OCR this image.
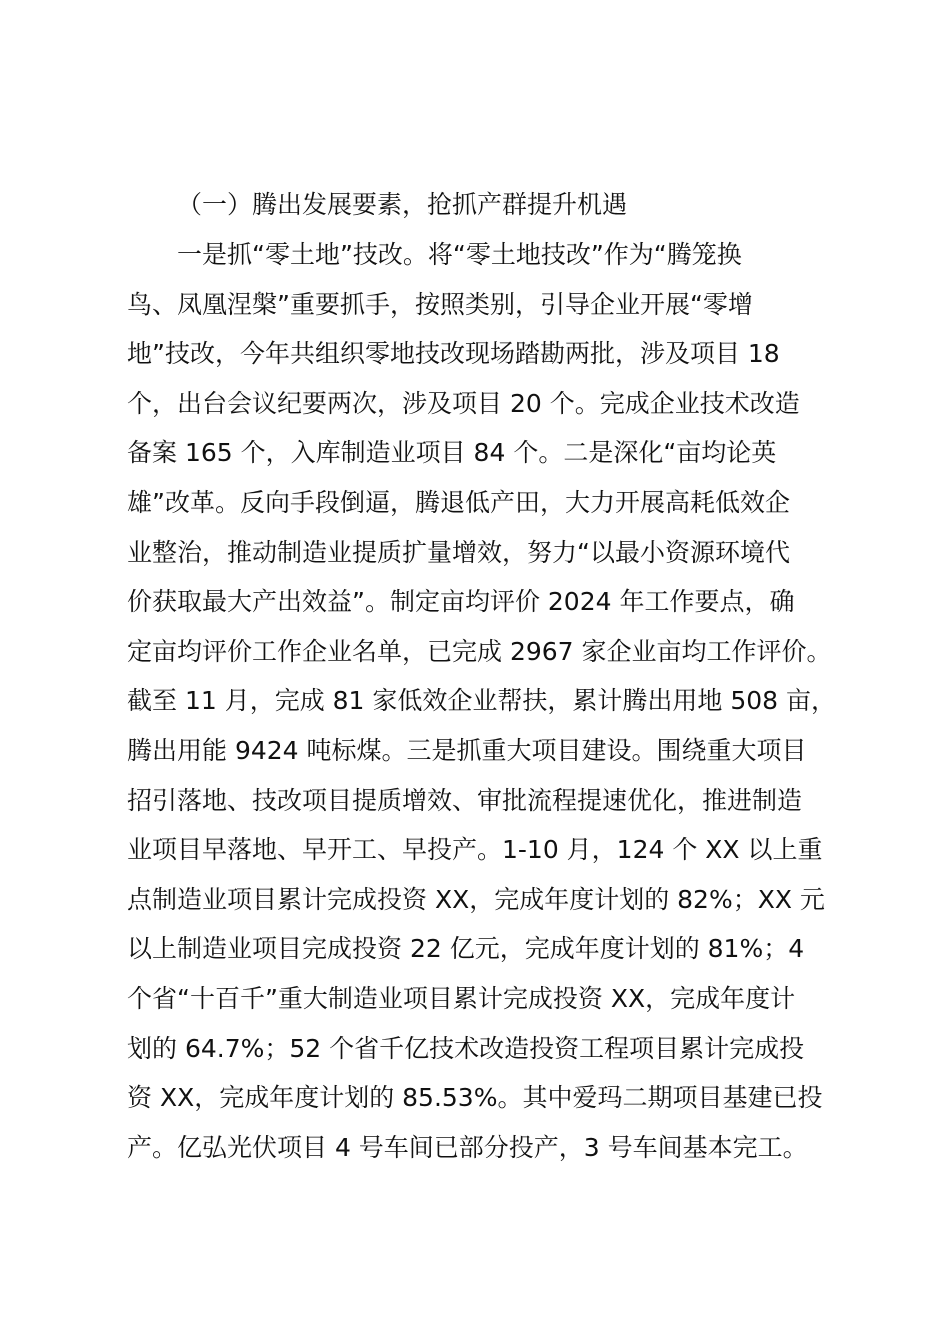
（一）腾出发展要素，抢抓产群提升机遇
一是抓“零土地”技改。将“零土地技改”作为“腾笼换
鸟、凤凰涅槃”重要抓手，按照类别，引导企业开展“零增
地”技改，今年共组织零地技改现场踏勘两批，涉及项目 18
个，出台会议纪要两次，涉及项目 20 个。完成企业技术改造
备案 165 个，入库制造业项目 84 个。二是深化“亩均论英
雄”改革。反向手段倒逼，腾退低产田，大力开展高耗低效企
业整治，推动制造业提质扩量增效，努力“以最小资源环境代
价获取最大产出效益”。制定亩均评价 2024 年工作要点，确
定亩均评价工作企业名单，已完成 2967 家企业亩均工作评价。
截至 11 月，完成 81 家低效企业帮扶，累计腾出用地 508 亩，
腾出用能 9424 吨标煤。三是抓重大项目建设。围绕重大项目
招引落地、技改项目提质增效、审批流程提速优化，推进制造
业项目早落地、早开工、早投产。1-10 月，124 个 XX 以上重
点制造业项目累计完成投资 XX，完成年度计划的 82%；XX 元
以上制造业项目完成投资 22 亿元，完成年度计划的 81%；4
个省“十百千”重大制造业项目累计完成投资 XX，完成年度计
划的 64.7%；52 个省千亿技术改造投资工程项目累计完成投
资 XX，完成年度计划的 85.53%。其中爱玛二期项目基建已投
产。亿弘光伏项目 4 号车间已部分投产，3 号车间基本完工。
